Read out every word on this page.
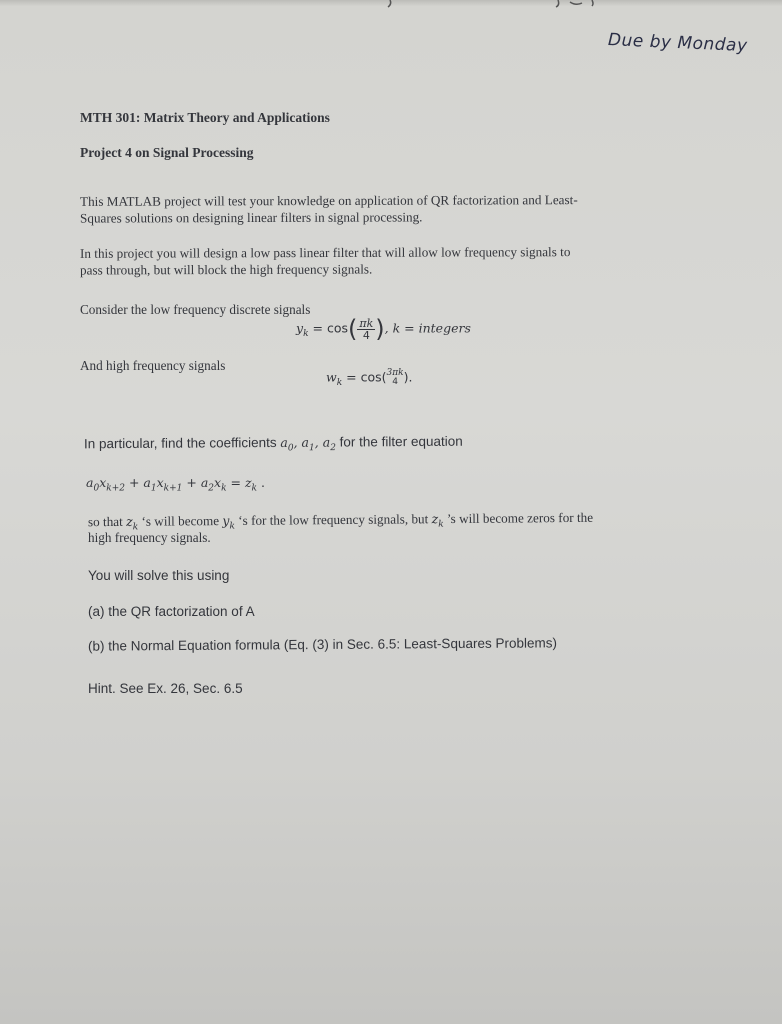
Due by Monday
MTH 301: Matrix Theory and Applications
Project 4 on Signal Processing
This MATLAB project will test your knowledge on application of QR factorization and Least-
Squares solutions on designing linear filters in signal processing.
In this project you will design a low pass linear filter that will allow low frequency signals to
pass through, but will block the high frequency signals.
Consider the low frequency discrete signals
$y_k = \cos( \frac{\pi k}{4}$ ), k = integers
And high frequency signals
$w_k = \cos$( 3πk
4 ).
In particular, find the coefficients $a_0$, $a_1$, $a_2$ for the filter equation
$a_0x_{k+2} + a_1x_{k+1} + a_2x_k = z_k$ .
so that $z_k$ ‘s will become $y_k$ ‘s for the low frequency signals, but $z_k$ ’s will become zeros for the
high frequency signals.
You will solve this using
(a) the QR factorization of A
(b) the Normal Equation formula (Eq. (3) in Sec. 6.5: Least-Squares Problems)
Hint. See Ex. 26, Sec. 6.5
